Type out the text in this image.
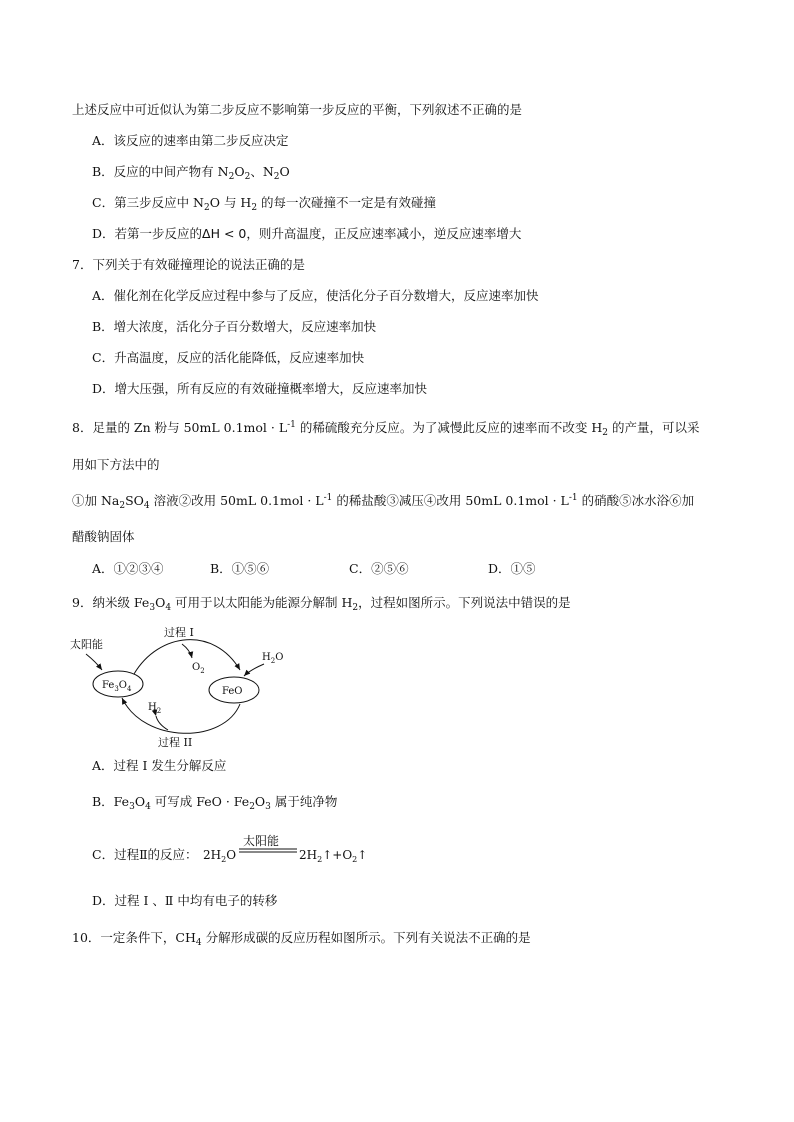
上述反应中可近似认为第二步反应不影响第一步反应的平衡，下列叙述不正确的是
A．该反应的速率由第二步反应决定
B．反应的中间产物有 $N_2O_2$、$N_2O$
C．第三步反应中 $N_2O$ 与 $H_2$ 的每一次碰撞不一定是有效碰撞
D．若第一步反应的ΔH < 0，则升高温度，正反应速率减小，逆反应速率增大
7．下列关于有效碰撞理论的说法正确的是
A．催化剂在化学反应过程中参与了反应，使活化分子百分数增大，反应速率加快
B．增大浓度，活化分子百分数增大，反应速率加快
C．升高温度，反应的活化能降低，反应速率加快
D．增大压强，所有反应的有效碰撞概率增大，反应速率加快
8．足量的 Zn 粉与 50mL $0.1mol \cdot L^{-1}$ 的稀硫酸充分反应。为了减慢此反应的速率而不改变 $H_2$ 的产量，可以采
用如下方法中的
①加 $Na_2SO_4$ 溶液②改用 50mL $0.1mol \cdot L^{-1}$ 的稀盐酸③减压④改用 50mL $0.1mol \cdot L^{-1}$ 的硝酸⑤冰水浴⑥加
醋酸钠固体
A．①②③④	B．①⑤⑥	C．②⑤⑥	D．①⑤
9．纳米级 $Fe_3O_4$ 可用于以太阳能为能源分解制 $H_2$，过程如图所示。下列说法中错误的是
太阳能
过程 I
$O_2$
$H_2O$
$Fe_3O_4$	FeO
$H_2$
过程 II
A．过程 I 发生分解反应
B．$Fe_3O_4$ 可写成 FeO · $Fe_2O_3$ 属于纯净物
C．过程Ⅱ的反应：
太阳能
$2H_2O$	$2H_2↑+O_2↑$
D．过程 Ⅰ 、Ⅱ 中均有电子的转移
10．一定条件下，$CH_4$ 分解形成碳的反应历程如图所示。下列有关说法不正确的是
